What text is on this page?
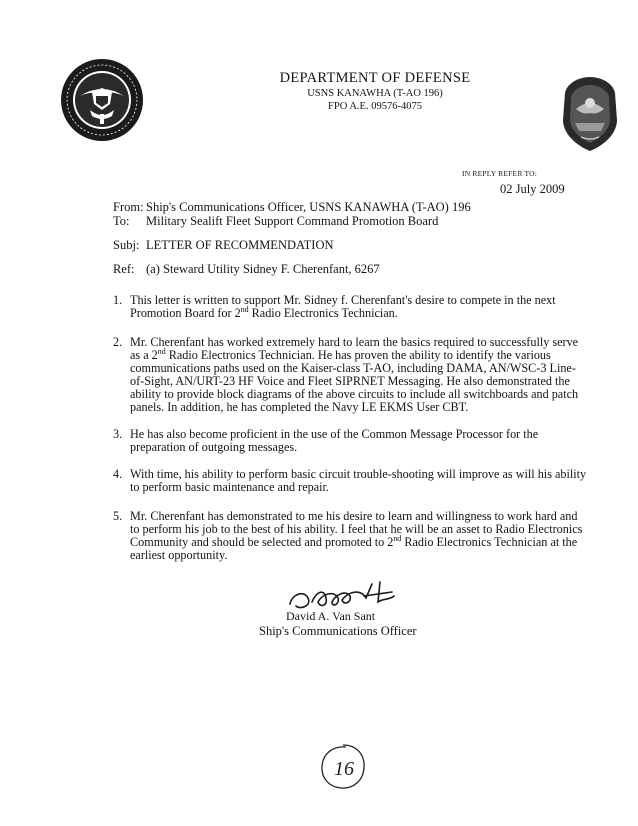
DEPARTMENT OF DEFENSE
USNS KANAWHA (T-AO 196)
FPO A.E. 09576-4075
IN REPLY REFER TO:
02 July 2009
From: Ship's Communications Officer, USNS KANAWHA (T-AO) 196
To: Military Sealift Fleet Support Command Promotion Board
Subj: LETTER OF RECOMMENDATION
Ref: (a) Steward Utility Sidney F. Cherenfant, 6267
1. This letter is written to support Mr. Sidney f. Cherenfant's desire to compete in the next
Promotion Board for 2nd Radio Electronics Technician.
2. Mr. Cherenfant has worked extremely hard to learn the basics required to successfully serve
as a 2nd Radio Electronics Technician. He has proven the ability to identify the various
communications paths used on the Kaiser-class T-AO, including DAMA, AN/WSC-3 Line-
of-Sight, AN/URT-23 HF Voice and Fleet SIPRNET Messaging. He also demonstrated the
ability to provide block diagrams of the above circuits to include all switchboards and patch
panels. In addition, he has completed the Navy LE EKMS User CBT.
3. He has also become proficient in the use of the Common Message Processor for the
preparation of outgoing messages.
4. With time, his ability to perform basic circuit trouble-shooting will improve as will his ability
to perform basic maintenance and repair.
5. Mr. Cherenfant has demonstrated to me his desire to learn and willingness to work hard and
to perform his job to the best of his ability. I feel that he will be an asset to Radio Electronics
Community and should be selected and promoted to 2nd Radio Electronics Technician at the
earliest opportunity.
David A. Van Sant
Ship's Communications Officer
16
